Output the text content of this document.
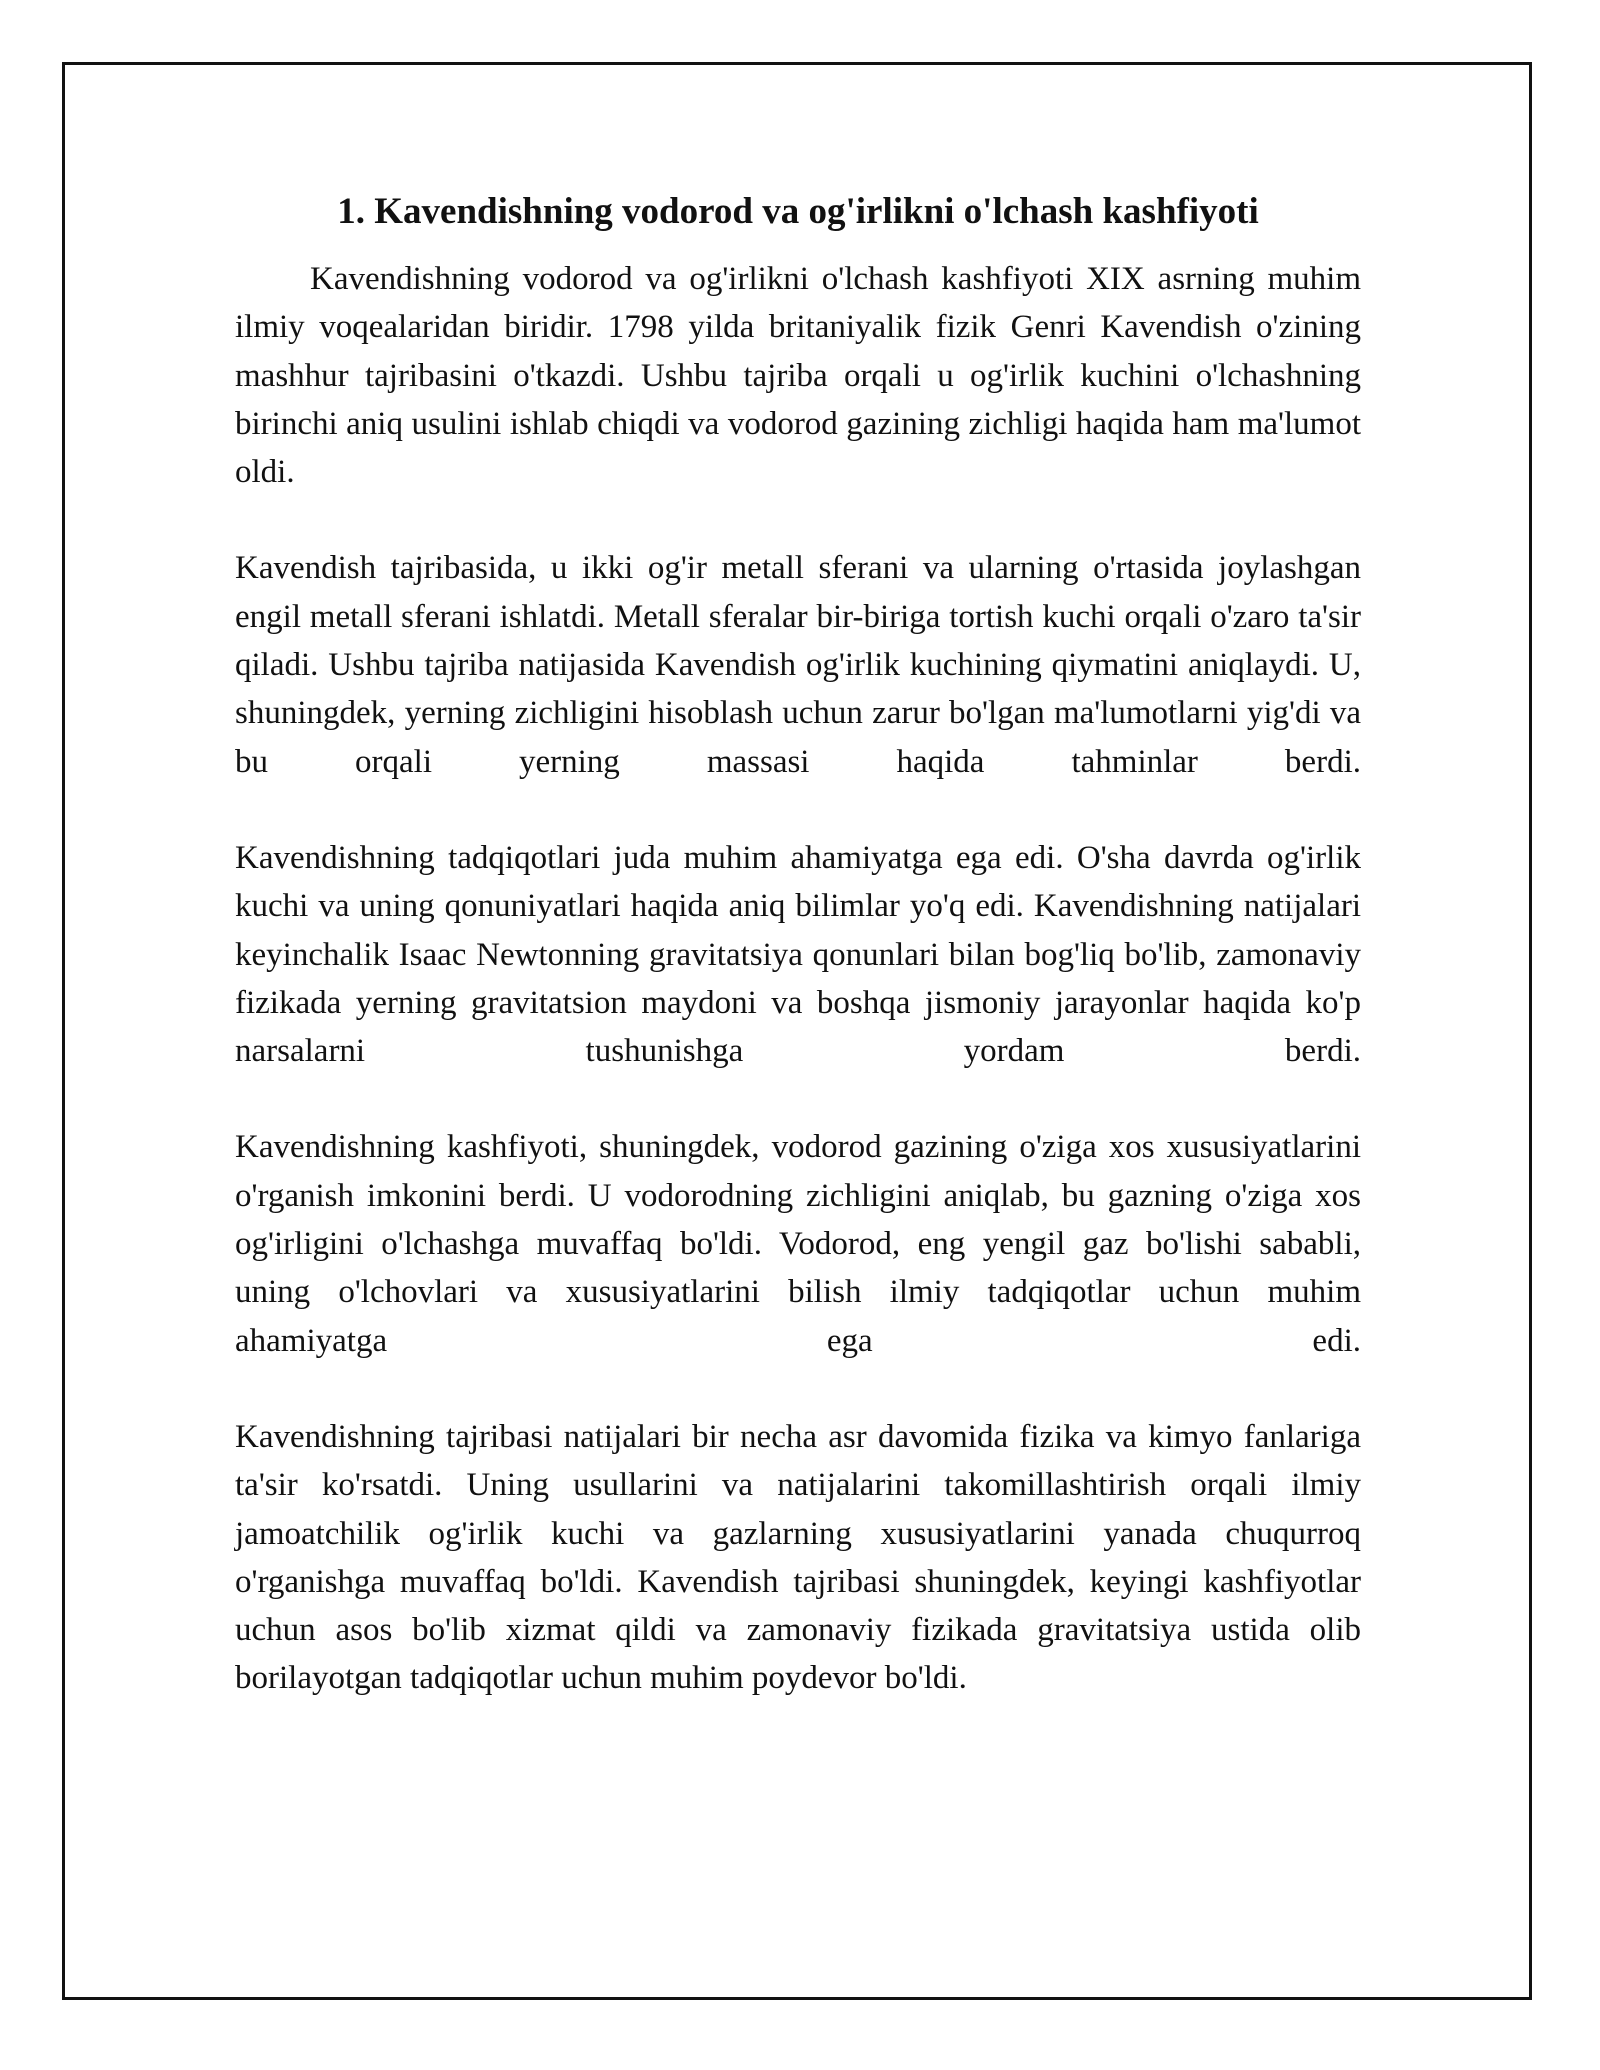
1. Kavendishning vodorod va og'irlikni o'lchash kashfiyoti

Kavendishning vodorod va og'irlikni o'lchash kashfiyoti XIX asrning muhim ilmiy voqealaridan biridir. 1798 yilda britaniyalik fizik Genri Kavendish o'zining mashhur tajribasini o'tkazdi. Ushbu tajriba orqali u og'irlik kuchini o'lchashning birinchi aniq usulini ishlab chiqdi va vodorod gazining zichligi haqida ham ma'lumot oldi.

Kavendish tajribasida, u ikki og'ir metall sferani va ularning o'rtasida joylashgan engil metall sferani ishlatdi. Metall sferalar bir-biriga tortish kuchi orqali o'zaro ta'sir qiladi. Ushbu tajriba natijasida Kavendish og'irlik kuchining qiymatini aniqlaydi. U, shuningdek, yerning zichligini hisoblash uchun zarur bo'lgan ma'lumotlarni yig'di va bu orqali yerning massasi haqida tahminlar berdi.

Kavendishning tadqiqotlari juda muhim ahamiyatga ega edi. O'sha davrda og'irlik kuchi va uning qonuniyatlari haqida aniq bilimlar yo'q edi. Kavendishning natijalari keyinchalik Isaac Newtonning gravitatsiya qonunlari bilan bog'liq bo'lib, zamonaviy fizikada yerning gravitatsion maydoni va boshqa jismoniy jarayonlar haqida ko'p narsalarni tushunishga yordam berdi.

Kavendishning kashfiyoti, shuningdek, vodorod gazining o'ziga xos xususiyatlarini o'rganish imkonini berdi. U vodorodning zichligini aniqlab, bu gazning o'ziga xos og'irligini o'lchashga muvaffaq bo'ldi. Vodorod, eng yengil gaz bo'lishi sababli, uning o'lchovlari va xususiyatlarini bilish ilmiy tadqiqotlar uchun muhim ahamiyatga ega edi.

Kavendishning tajribasi natijalari bir necha asr davomida fizika va kimyo fanlariga ta'sir ko'rsatdi. Uning usullarini va natijalarini takomillashtirish orqali ilmiy jamoatchilik og'irlik kuchi va gazlarning xususiyatlarini yanada chuqurroq o'rganishga muvaffaq bo'ldi. Kavendish tajribasi shuningdek, keyingi kashfiyotlar uchun asos bo'lib xizmat qildi va zamonaviy fizikada gravitatsiya ustida olib borilayotgan tadqiqotlar uchun muhim poydevor bo'ldi.
